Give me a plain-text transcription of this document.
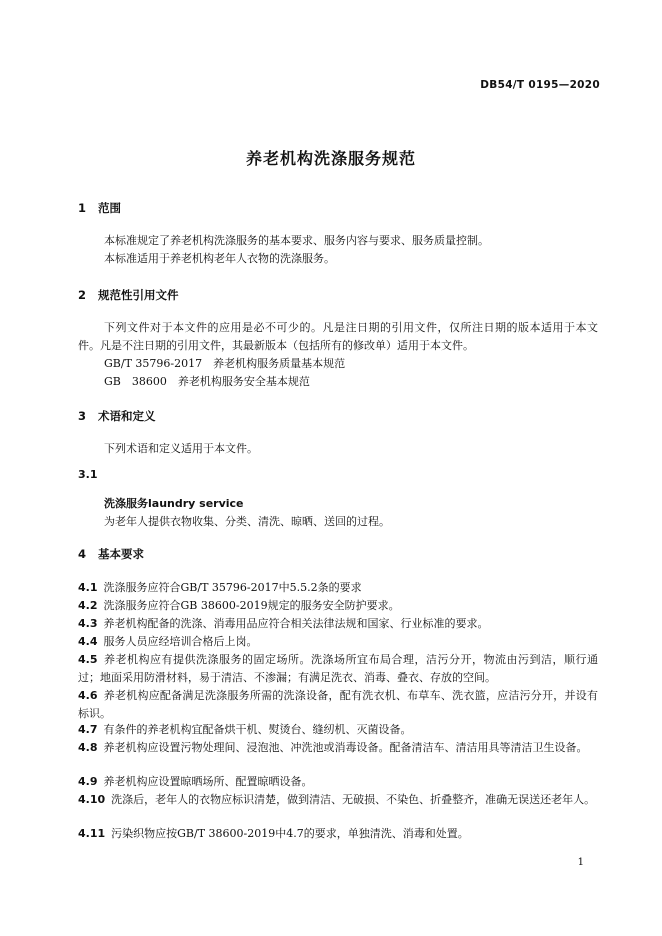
DB54/T 0195—2020
养老机构洗涤服务规范
1 范围
本标准规定了养老机构洗涤服务的基本要求、服务内容与要求、服务质量控制。
本标准适用于养老机构老年人衣物的洗涤服务。
2 规范性引用文件
下列文件对于本文件的应用是必不可少的。凡是注日期的引用文件，仅所注日期的版本适用于本文件。凡是不注日期的引用文件，其最新版本（包括所有的修改单）适用于本文件。
GB/T 35796-2017　养老机构服务质量基本规范
GB　38600　养老机构服务安全基本规范
3 术语和定义
下列术语和定义适用于本文件。
3.1
洗涤服务laundry service
为老年人提供衣物收集、分类、清洗、晾晒、送回的过程。
4 基本要求
4.1 洗涤服务应符合GB/T 35796-2017中5.5.2条的要求
4.2 洗涤服务应符合GB 38600-2019规定的服务安全防护要求。
4.3 养老机构配备的洗涤、消毒用品应符合相关法律法规和国家、行业标准的要求。
4.4 服务人员应经培训合格后上岗。
4.5 养老机构应有提供洗涤服务的固定场所。洗涤场所宜布局合理，洁污分开，物流由污到洁，顺行通过；地面采用防滑材料，易于清洁、不渗漏；有满足洗衣、消毒、叠衣、存放的空间。
4.6 养老机构应配备满足洗涤服务所需的洗涤设备，配有洗衣机、布草车、洗衣篮，应洁污分开，并设有标识。
4.7 有条件的养老机构宜配备烘干机、熨烫台、缝纫机、灭菌设备。
4.8 养老机构应设置污物处理间、浸泡池、冲洗池或消毒设备。配备清洁车、清洁用具等清洁卫生设备。
4.9 养老机构应设置晾晒场所、配置晾晒设备。
4.10 洗涤后，老年人的衣物应标识清楚，做到清洁、无破损、不染色、折叠整齐，准确无误送还老年人。
4.11 污染织物应按GB/T 38600-2019中4.7的要求，单独清洗、消毒和处置。
1
